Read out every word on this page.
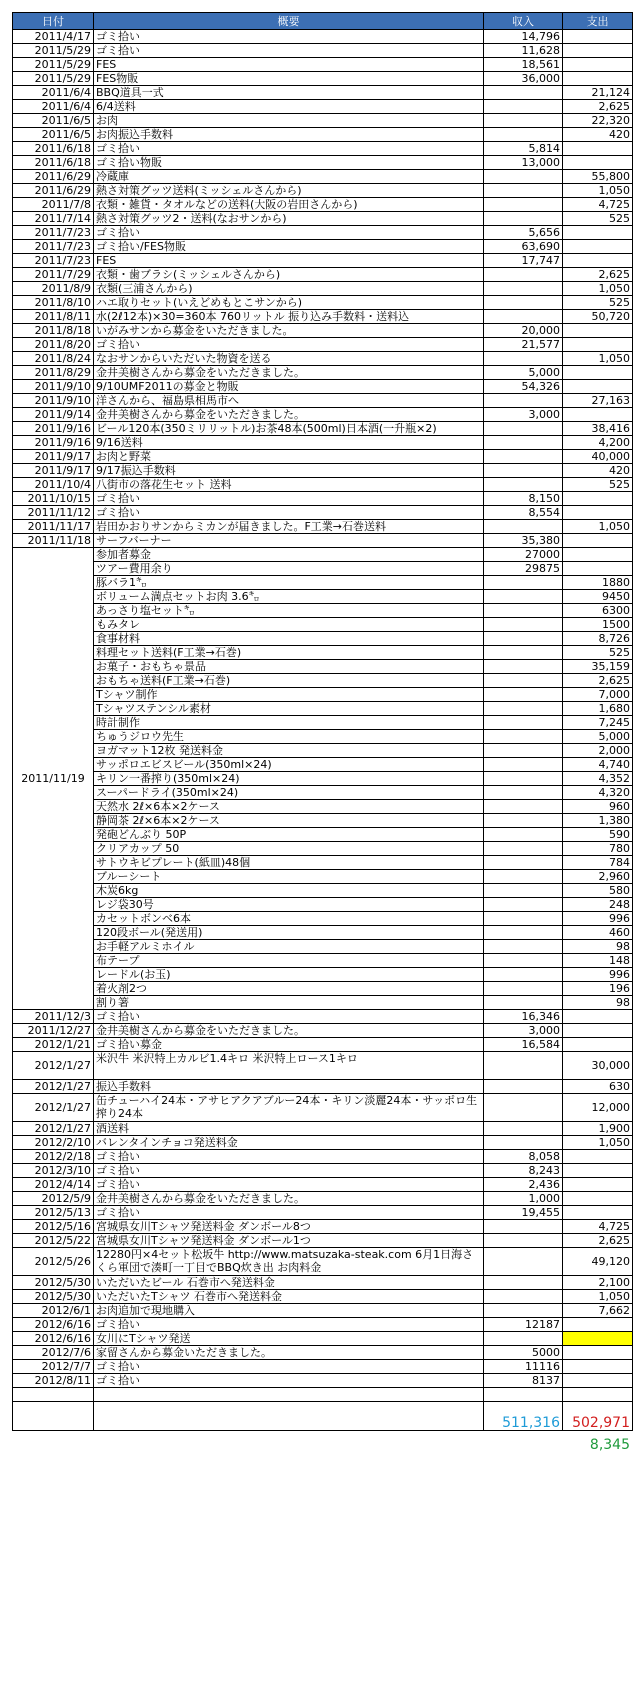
日付	概要	収入	支出
2011/4/17	ゴミ拾い	14,796	
2011/5/29	ゴミ拾い	11,628	
2011/5/29	FES	18,561	
2011/5/29	FES物販	36,000	
2011/6/4	BBQ道具一式		21,124
2011/6/4	6/4送料		2,625
2011/6/5	お肉		22,320
2011/6/5	お肉振込手数料		420
2011/6/18	ゴミ拾い	5,814	
2011/6/18	ゴミ拾い物販	13,000	
2011/6/29	冷蔵庫		55,800
2011/6/29	熱さ対策グッツ送料(ミッシェルさんから)		1,050
2011/7/8	衣類・雑貨・タオルなどの送料(大阪の岩田さんから)		4,725
2011/7/14	熱さ対策グッツ2・送料(なおサンから)		525
2011/7/23	ゴミ拾い	5,656	
2011/7/23	ゴミ拾い/FES物販	63,690	
2011/7/23	FES	17,747	
2011/7/29	衣類・歯ブラシ(ミッシェルさんから)		2,625
2011/8/9	衣類(三浦さんから)		1,050
2011/8/10	ハエ取りセット(いえどめもとこサンから)		525
2011/8/11	水(2ℓ12本)×30=360本 760リットル 振り込み手数料・送料込		50,720
2011/8/18	いがみサンから募金をいただきました。	20,000	
2011/8/20	ゴミ拾い	21,577	
2011/8/24	なおサンからいただいた物資を送る		1,050
2011/8/29	金井美樹さんから募金をいただきました。	5,000	
2011/9/10	9/10UMF2011の募金と物販	54,326	
2011/9/10	洋さんから、福島県相馬市へ		27,163
2011/9/14	金井美樹さんから募金をいただきました。	3,000	
2011/9/16	ビール120本(350ミリリットル)お茶48本(500ml)日本酒(一升瓶×2)		38,416
2011/9/16	9/16送料		4,200
2011/9/17	お肉と野菜		40,000
2011/9/17	9/17振込手数料		420
2011/10/4	八街市の落花生セット 送料		525
2011/10/15	ゴミ拾い	8,150	
2011/11/12	ゴミ拾い	8,554	
2011/11/17	岩田かおりサンからミカンが届きました。F工業→石巻送料		1,050
2011/11/18	サーフバーナー	35,380	
2011/11/19	参加者募金	27000	
	ツアー費用余り	29875	
	豚バラ1㌔		1880
	ボリューム満点セットお肉 3.6㌔		9450
	あっさり塩セット㌔		6300
	もみタレ		1500
	食事材料		8,726
	料理セット送料(F工業→石巻)		525
	お菓子・おもちゃ景品		35,159
	おもちゃ送料(F工業→石巻)		2,625
	Tシャツ制作		7,000
	Tシャツステンシル素材		1,680
	時計制作		7,245
	ちゅうジロウ先生		5,000
	ヨガマット12枚 発送料金		2,000
	サッポロエビスビール(350ml×24)		4,740
	キリン一番搾り(350ml×24)		4,352
	スーパードライ(350ml×24)		4,320
	天然水 2ℓ×6本×2ケース		960
	静岡茶 2ℓ×6本×2ケース		1,380
	発砲どんぶり 50P		590
	クリアカップ 50		780
	サトウキビプレート(紙皿)48個		784
	ブルーシート		2,960
	木炭6kg		580
	レジ袋30号		248
	カセットボンベ6本		996
	120段ボール(発送用)		460
	お手軽アルミホイル		98
	布テープ		148
	レードル(お玉)		996
	着火剤2つ		196
	割り箸		98
2011/12/3	ゴミ拾い	16,346	
2011/12/27	金井美樹さんから募金をいただきました。	3,000	
2012/1/21	ゴミ拾い募金	16,584	
2012/1/27	米沢牛 米沢特上カルビ1.4キロ 米沢特上ロース1キロ		30,000
2012/1/27	振込手数料		630
2012/1/27	缶チューハイ24本・アサヒアクアブルー24本・キリン淡麗24本・サッポロ生搾り24本		12,000
2012/1/27	酒送料		1,900
2012/2/10	バレンタインチョコ発送料金		1,050
2012/2/18	ゴミ拾い	8,058	
2012/3/10	ゴミ拾い	8,243	
2012/4/14	ゴミ拾い	2,436	
2012/5/9	金井美樹さんから募金をいただきました。	1,000	
2012/5/13	ゴミ拾い	19,455	
2012/5/16	宮城県女川Tシャツ発送料金 ダンボール8つ		4,725
2012/5/22	宮城県女川Tシャツ発送料金 ダンボール1つ		2,625
2012/5/26	12280円×4セット松坂牛 http://www.matsuzaka-steak.com 6月1日海さくら軍団で湊町一丁目でBBQ炊き出 お肉料金		49,120
2012/5/30	いただいたビール 石巻市へ発送料金		2,100
2012/5/30	いただいたTシャツ 石巻市へ発送料金		1,050
2012/6/1	お肉追加で現地購入		7,662
2012/6/16	ゴミ拾い	12187	
2012/6/16	女川にTシャツ発送		
2012/7/6	家留さんから募金いただきました。	5000	
2012/7/7	ゴミ拾い	11116	
2012/8/11	ゴミ拾い	8137	

		511,316	502,971
8,345
